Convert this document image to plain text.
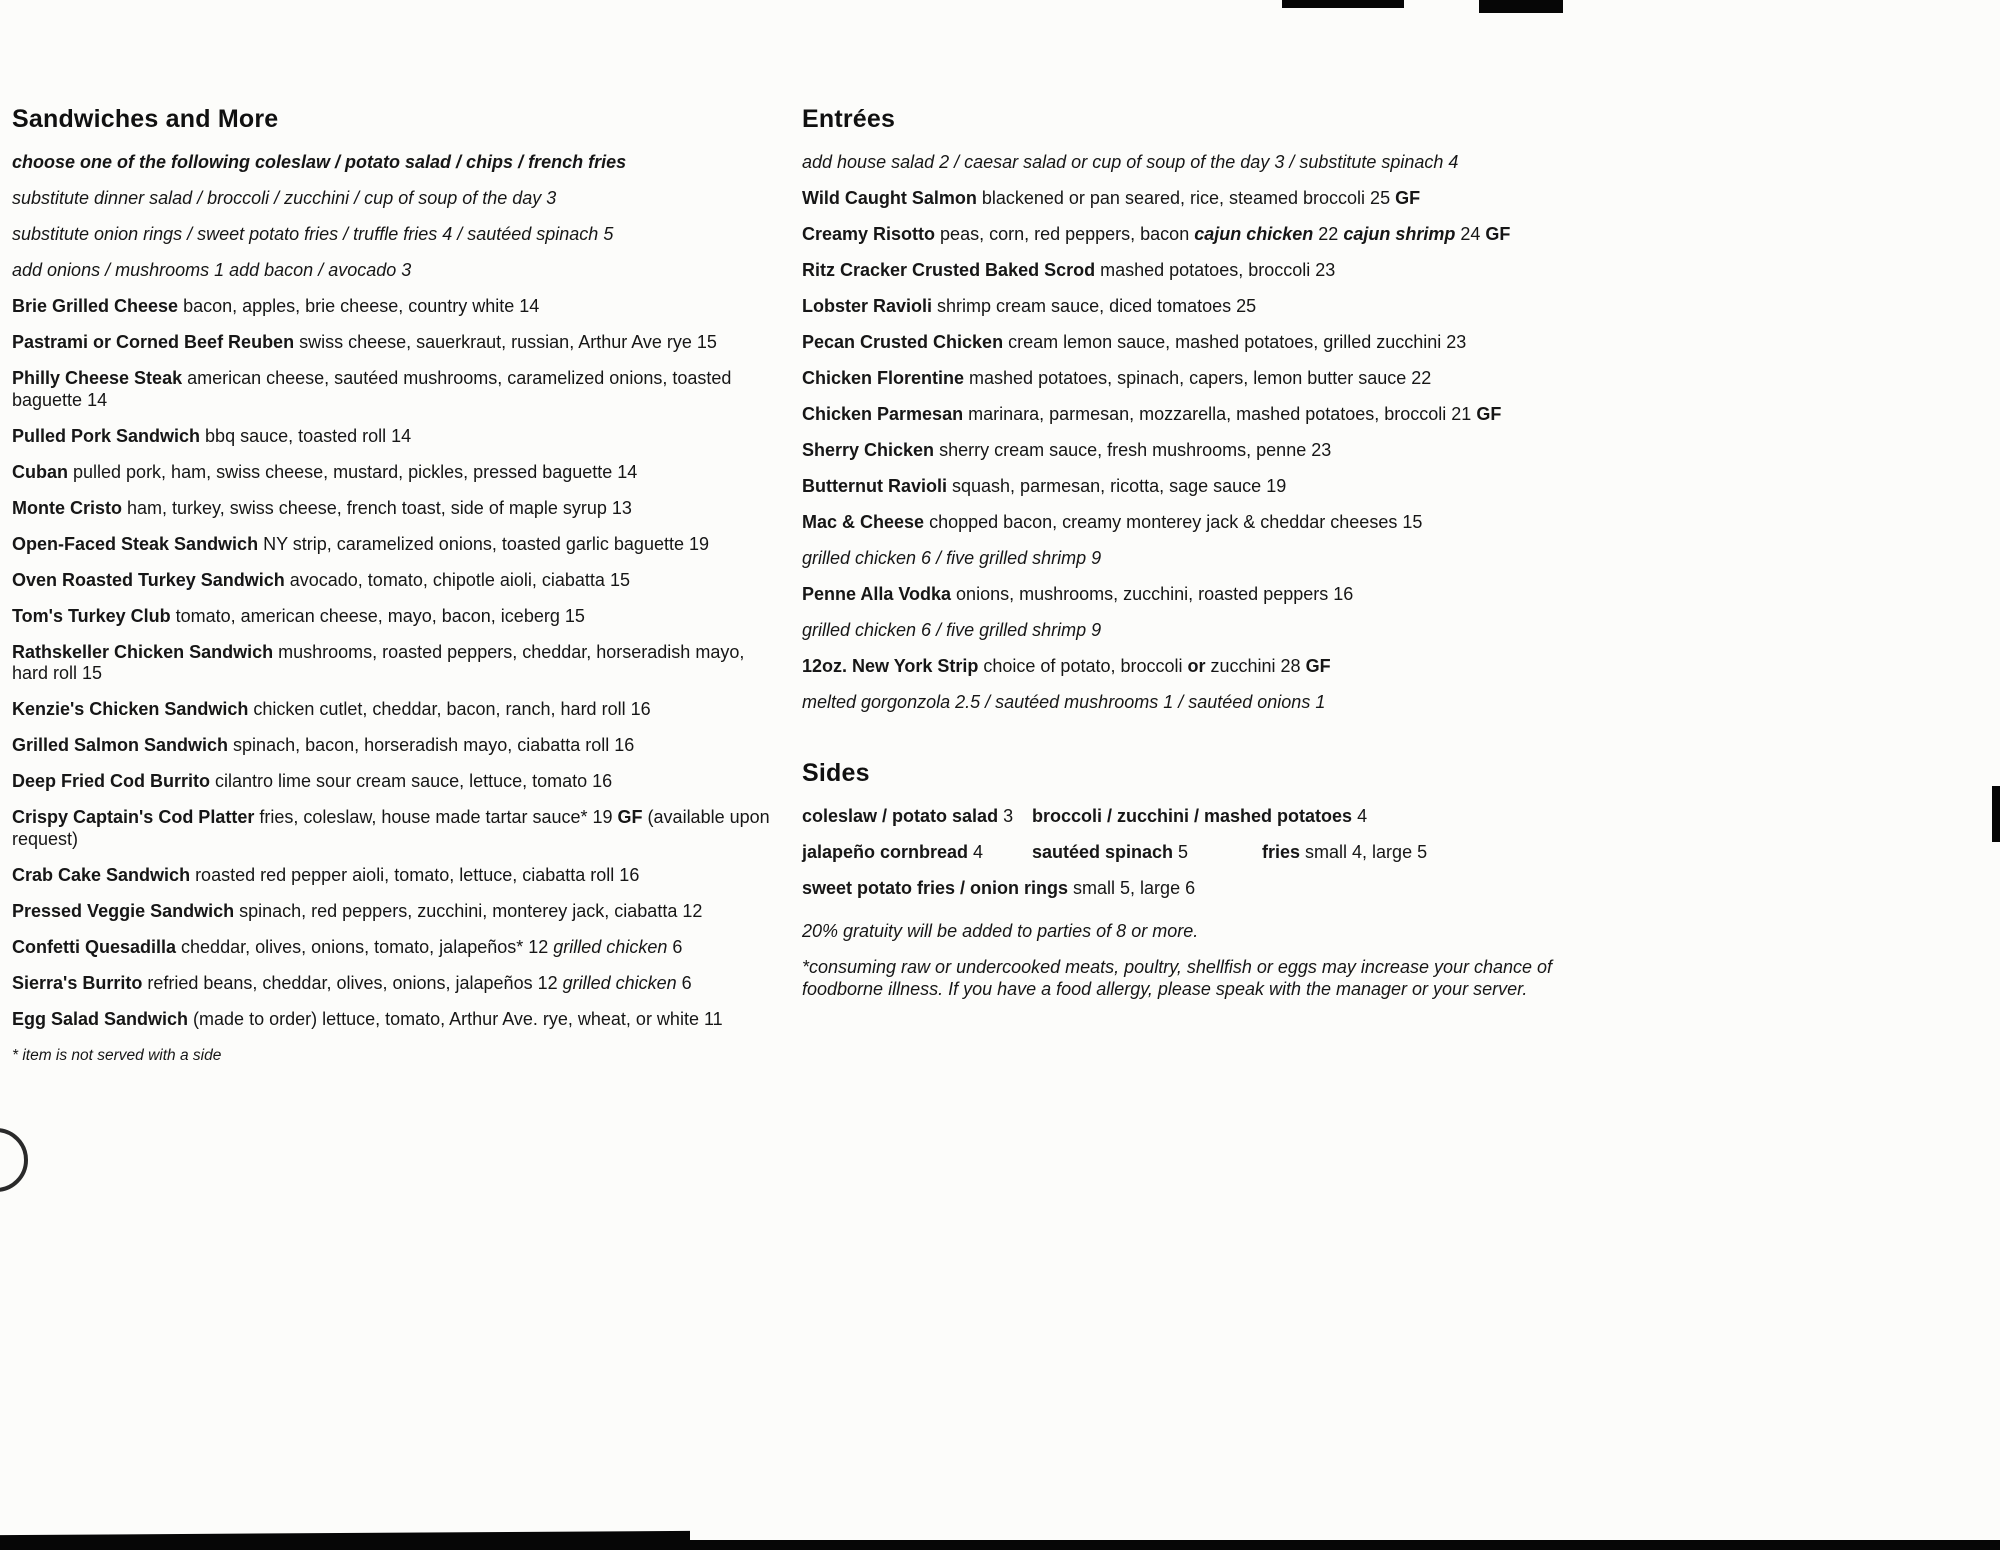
Sandwiches and More
choose one of the following coleslaw / potato salad / chips / french fries
substitute dinner salad / broccoli / zucchini / cup of soup of the day 3
substitute onion rings / sweet potato fries / truffle fries 4 / sautéed spinach 5
add onions / mushrooms 1 add bacon / avocado 3
Brie Grilled Cheese bacon, apples, brie cheese, country white 14
Pastrami or Corned Beef Reuben swiss cheese, sauerkraut, russian, Arthur Ave rye 15
Philly Cheese Steak american cheese, sautéed mushrooms, caramelized onions, toasted baguette 14
Pulled Pork Sandwich bbq sauce, toasted roll 14
Cuban pulled pork, ham, swiss cheese, mustard, pickles, pressed baguette 14
Monte Cristo ham, turkey, swiss cheese, french toast, side of maple syrup 13
Open-Faced Steak Sandwich NY strip, caramelized onions, toasted garlic baguette 19
Oven Roasted Turkey Sandwich avocado, tomato, chipotle aioli, ciabatta 15
Tom's Turkey Club tomato, american cheese, mayo, bacon, iceberg 15
Rathskeller Chicken Sandwich mushrooms, roasted peppers, cheddar, horseradish mayo, hard roll 15
Kenzie's Chicken Sandwich chicken cutlet, cheddar, bacon, ranch, hard roll 16
Grilled Salmon Sandwich spinach, bacon, horseradish mayo, ciabatta roll 16
Deep Fried Cod Burrito cilantro lime sour cream sauce, lettuce, tomato 16
Crispy Captain's Cod Platter fries, coleslaw, house made tartar sauce* 19 GF (available upon request)
Crab Cake Sandwich roasted red pepper aioli, tomato, lettuce, ciabatta roll 16
Pressed Veggie Sandwich spinach, red peppers, zucchini, monterey jack, ciabatta 12
Confetti Quesadilla cheddar, olives, onions, tomato, jalapeños* 12 grilled chicken 6
Sierra's Burrito refried beans, cheddar, olives, onions, jalapeños 12 grilled chicken 6
Egg Salad Sandwich (made to order) lettuce, tomato, Arthur Ave. rye, wheat, or white 11
* item is not served with a side
Entrées
add house salad 2 / caesar salad or cup of soup of the day 3 / substitute spinach 4
Wild Caught Salmon blackened or pan seared, rice, steamed broccoli 25 GF
Creamy Risotto peas, corn, red peppers, bacon cajun chicken 22 cajun shrimp 24 GF
Ritz Cracker Crusted Baked Scrod mashed potatoes, broccoli 23
Lobster Ravioli shrimp cream sauce, diced tomatoes 25
Pecan Crusted Chicken cream lemon sauce, mashed potatoes, grilled zucchini 23
Chicken Florentine mashed potatoes, spinach, capers, lemon butter sauce 22
Chicken Parmesan marinara, parmesan, mozzarella, mashed potatoes, broccoli 21 GF
Sherry Chicken sherry cream sauce, fresh mushrooms, penne 23
Butternut Ravioli squash, parmesan, ricotta, sage sauce 19
Mac & Cheese chopped bacon, creamy monterey jack & cheddar cheeses 15
grilled chicken 6 / five grilled shrimp 9
Penne Alla Vodka onions, mushrooms, zucchini, roasted peppers 16
grilled chicken 6 / five grilled shrimp 9
12oz. New York Strip choice of potato, broccoli or zucchini 28 GF
melted gorgonzola 2.5 / sautéed mushrooms 1 / sautéed onions 1
Sides
coleslaw / potato salad 3 broccoli / zucchini / mashed potatoes 4
jalapeño cornbread 4	sautéed spinach 5	fries small 4, large 5
sweet potato fries / onion rings small 5, large 6
20% gratuity will be added to parties of 8 or more.
*consuming raw or undercooked meats, poultry, shellfish or eggs may increase your chance of foodborne illness. If you have a food allergy, please speak with the manager or your server.
